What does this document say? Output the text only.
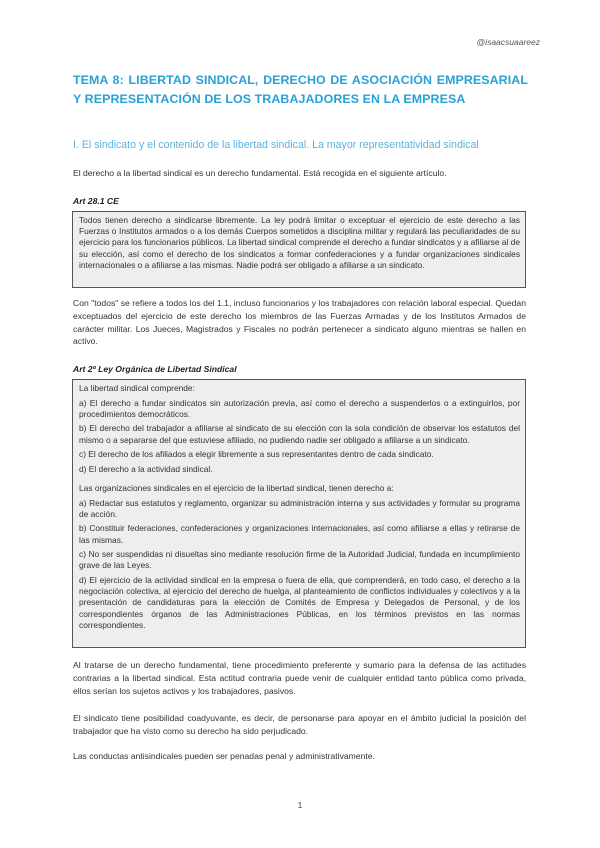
@isaacsuaareez
TEMA 8: LIBERTAD SINDICAL, DERECHO DE ASOCIACIÓN EMPRESARIAL Y REPRESENTACIÓN DE LOS TRABAJADORES EN LA EMPRESA
I. El sindicato y el contenido de la libertad sindical. La mayor representatividad sindical
El derecho a la libertad sindical es un derecho fundamental. Está recogida en el siguiente artículo.
Art 28.1 CE

Todos tienen derecho a sindicarse libremente. La ley podrá limitar o exceptuar el ejercicio de este derecho a las Fuerzas o Institutos armados o a los demás Cuerpos sometidos a disciplina militar y regulará las peculiaridades de su ejercicio para los funcionarios públicos. La libertad sindical comprende el derecho a fundar sindicatos y a afiliarse al de su elección, así como el derecho de los sindicatos a formar confederaciones y a fundar organizaciones sindicales internacionales o a afiliarse a las mismas. Nadie podrá ser obligado a afiliarse a un sindicato.

Con "todos" se refiere a todos los del 1.1, incluso funcionarios y los trabajadores con relación laboral especial. Quedan exceptuados del ejercicio de este derecho los miembros de las Fuerzas Armadas y de los Institutos Armados de carácter militar. Los Jueces, Magistrados y Fiscales no podrán pertenecer a sindicato alguno mientras se hallen en activo.
Art 2º Ley Orgánica de Libertad Sindical

La libertad sindical comprende:

a) El derecho a fundar sindicatos sin autorización previa, así como el derecho a suspenderlos o a extinguirlos, por procedimientos democráticos.

b) El derecho del trabajador a afiliarse al sindicato de su elección con la sola condición de observar los estatutos del mismo o a separarse del que estuviese afiliado, no pudiendo nadie ser obligado a afiliarse a un sindicato.

c) El derecho de los afiliados a elegir libremente a sus representantes dentro de cada sindicato.

d) El derecho a la actividad sindical.

Las organizaciones sindicales en el ejercicio de la libertad sindical, tienen derecho a:

a) Redactar sus estatutos y reglamento, organizar su administración interna y sus actividades y formular su programa de acción.

b) Constituir federaciones, confederaciones y organizaciones internacionales, así como afiliarse a ellas y retirarse de las mismas.

c) No ser suspendidas ni disueltas sino mediante resolución firme de la Autoridad Judicial, fundada en incumplimiento grave de las Leyes.

d) El ejercicio de la actividad sindical en la empresa o fuera de ella, que comprenderá, en todo caso, el derecho a la negociación colectiva, al ejercicio del derecho de huelga, al planteamiento de conflictos individuales y colectivos y a la presentación de candidaturas para la elección de Comités de Empresa y Delegados de Personal, y de los correspondientes órganos de las Administraciones Públicas, en los términos previstos en las normas correspondientes.

Al tratarse de un derecho fundamental, tiene procedimiento preferente y sumario para la defensa de las actitudes contrarias a la libertad sindical. Esta actitud contraria puede venir de cualquier entidad tanto pública como privada, ellos serían los sujetos activos y los trabajadores, pasivos.
El sindicato tiene posibilidad coadyuvante, es decir, de personarse para apoyar en el ámbito judicial la posición del trabajador que ha visto como su derecho ha sido perjudicado.
Las conductas antisindicales pueden ser penadas penal y administrativamente.
1
